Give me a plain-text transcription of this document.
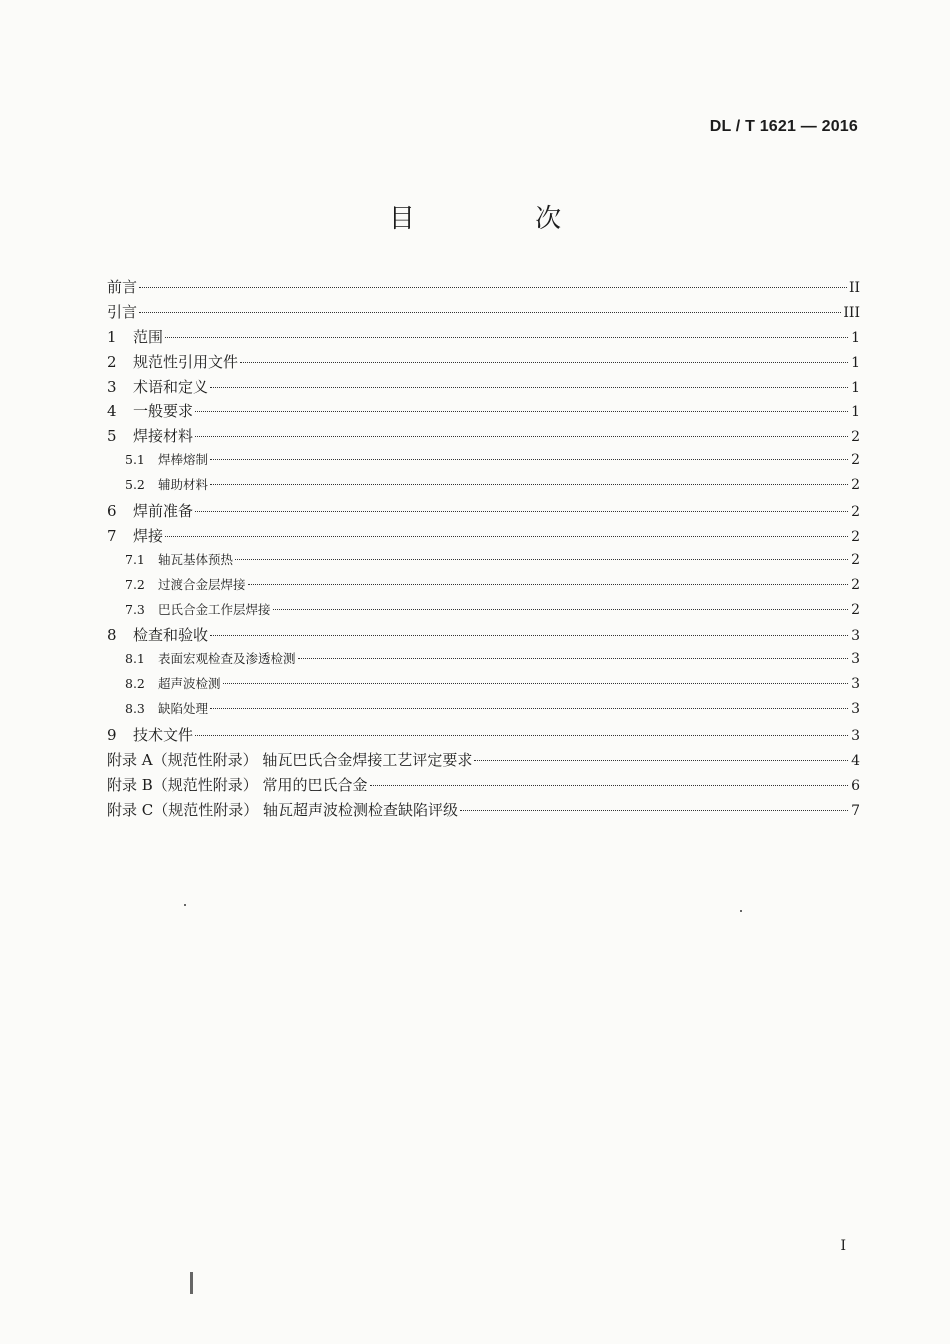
DL / T 1621 — 2016
目 次
前言	II
引言	III
1	范围	1
2	规范性引用文件	1
3	术语和定义	1
4	一般要求	1
5	焊接材料	2
5.1	焊棒熔制	2
5.2	辅助材料	2
6	焊前准备	2
7	焊接	2
7.1	轴瓦基体预热	2
7.2	过渡合金层焊接	2
7.3	巴氏合金工作层焊接	2
8	检查和验收	3
8.1	表面宏观检查及渗透检测	3
8.2	超声波检测	3
8.3	缺陷处理	3
9	技术文件	3
附录 A（规范性附录） 轴瓦巴氏合金焊接工艺评定要求	4
附录 B（规范性附录） 常用的巴氏合金	6
附录 C（规范性附录） 轴瓦超声波检测检查缺陷评级	7
I
